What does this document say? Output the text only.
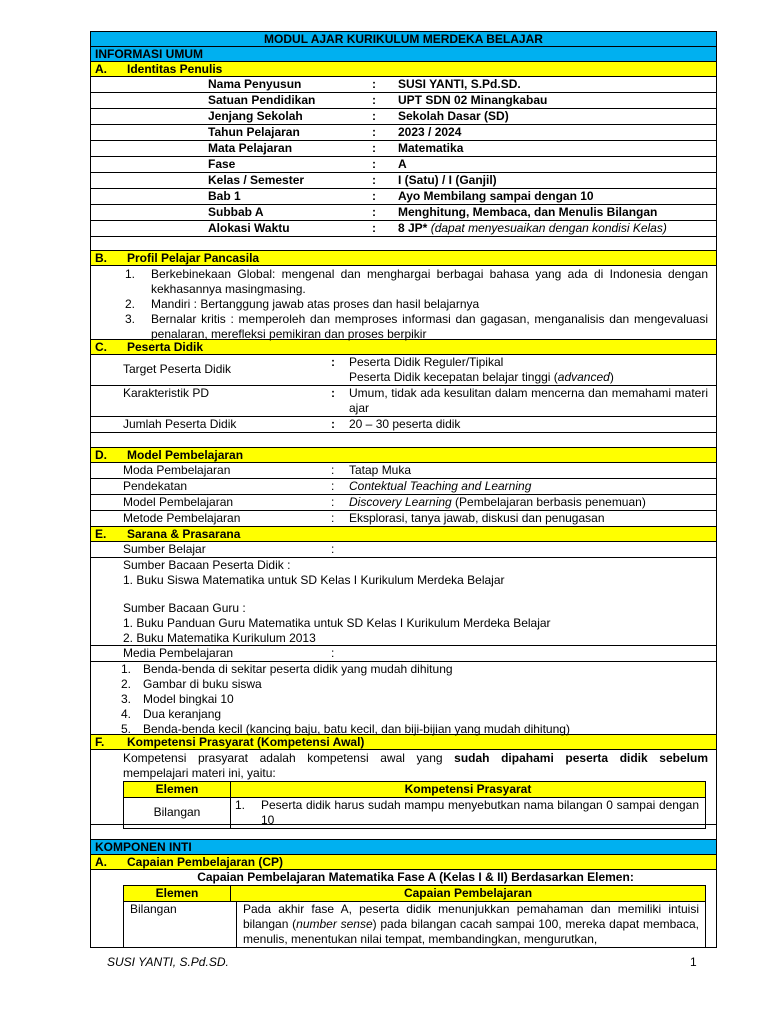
MODUL AJAR KURIKULUM MERDEKA BELAJAR
INFORMASI UMUM
A.	Identitas Penulis
Nama Penyusun	: SUSI YANTI, S.Pd.SD.
Satuan Pendidikan	: UPT SDN 02 Minangkabau
Jenjang Sekolah	: Sekolah Dasar (SD)
Tahun Pelajaran	: 2023 / 2024
Mata Pelajaran	: Matematika
Fase	: A
Kelas / Semester	: I (Satu) / I (Ganjil)
Bab 1	: Ayo Membilang sampai dengan 10
Subbab A	: Menghitung, Membaca, dan Menulis Bilangan
Alokasi Waktu	: 8 JP* (dapat menyesuaikan dengan kondisi Kelas)
B.	Profil Pelajar Pancasila
1.	Berkebinekaan Global: mengenal dan menghargai berbagai bahasa yang ada di Indonesia dengan kekhasannya masingmasing.
2.	Mandiri : Bertanggung jawab atas proses dan hasil belajarnya
3.	Bernalar kritis : memperoleh dan memproses informasi dan gagasan, menganalisis dan mengevaluasi penalaran, merefleksi pemikiran dan proses berpikir
C.	Peserta Didik
Target Peserta Didik	: Peserta Didik Reguler/Tipikal
Peserta Didik kecepatan belajar tinggi (advanced)
Karakteristik PD	: Umum, tidak ada kesulitan dalam mencerna dan memahami materi ajar
Jumlah Peserta Didik	: 20 – 30 peserta didik
D.	Model Pembelajaran
Moda Pembelajaran	: Tatap Muka
Pendekatan	: Contektual Teaching and Learning
Model Pembelajaran	: Discovery Learning (Pembelajaran berbasis penemuan)
Metode Pembelajaran	: Eksplorasi, tanya jawab, diskusi dan penugasan
E.	Sarana & Prasarana
Sumber Belajar	:
Sumber Bacaan Peserta Didik :
1. Buku Siswa Matematika untuk SD Kelas I Kurikulum Merdeka Belajar
Sumber Bacaan Guru :
1. Buku Panduan Guru Matematika untuk SD Kelas I Kurikulum Merdeka Belajar
2. Buku Matematika Kurikulum 2013
Media Pembelajaran	:
1. Benda-benda di sekitar peserta didik yang mudah dihitung
2. Gambar di buku siswa
3. Model bingkai 10
4. Dua keranjang
5. Benda-benda kecil (kancing baju, batu kecil, dan biji-bijian yang mudah dihitung)
F.	Kompetensi Prasyarat (Kompetensi Awal)
Kompetensi prasyarat adalah kompetensi awal yang sudah dipahami peserta didik sebelum
mempelajari materi ini, yaitu:
Elemen	Kompetensi Prasyarat
Bilangan	1.	Peserta didik harus sudah mampu menyebutkan nama bilangan 0 sampai dengan 10
KOMPONEN INTI
A.	Capaian Pembelajaran (CP)
Capaian Pembelajaran Matematika Fase A (Kelas I & II) Berdasarkan Elemen:
Elemen	Capaian Pembelajaran
Bilangan	Pada akhir fase A, peserta didik menunjukkan pemahaman dan memiliki intuisi bilangan (number sense) pada bilangan cacah sampai 100, mereka dapat membaca, menulis, menentukan nilai tempat, membandingkan, mengurutkan,
SUSI YANTI, S.Pd.SD.	1
